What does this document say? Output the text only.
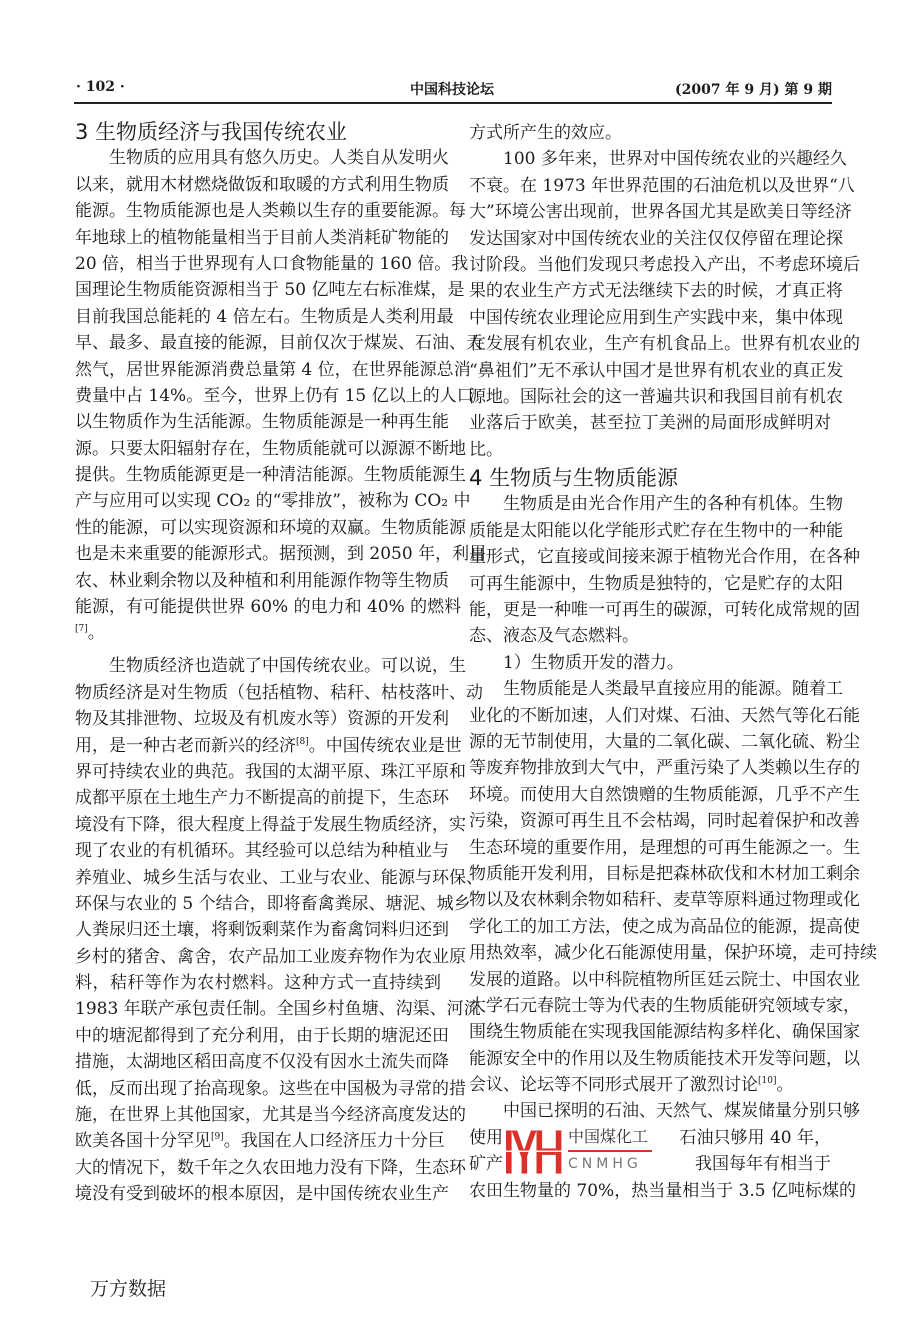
· 102 ·	中国科技论坛	(2007 年 9 月) 第 9 期
3 生物质经济与我国传统农业
生物质的应用具有悠久历史。人类自从发明火
以来，就用木材燃烧做饭和取暖的方式利用生物质
能源。生物质能源也是人类赖以生存的重要能源。每
年地球上的植物能量相当于目前人类消耗矿物能的
20 倍，相当于世界现有人口食物能量的 160 倍。我
国理论生物质能资源相当于 50 亿吨左右标准煤，是
目前我国总能耗的 4 倍左右。生物质是人类利用最
早、最多、最直接的能源，目前仅次于煤炭、石油、天
然气，居世界能源消费总量第 4 位，在世界能源总消
费量中占 14%。至今，世界上仍有 15 亿以上的人口
以生物质作为生活能源。生物质能源是一种再生能
源。只要太阳辐射存在，生物质能就可以源源不断地
提供。生物质能源更是一种清洁能源。生物质能源生
产与应用可以实现 CO₂ 的“零排放”，被称为 CO₂ 中
性的能源，可以实现资源和环境的双赢。生物质能源
也是未来重要的能源形式。据预测，到 2050 年，利用
农、林业剩余物以及种植和利用能源作物等生物质
能源，有可能提供世界 60% 的电力和 40% 的燃料
[7]。
生物质经济也造就了中国传统农业。可以说，生
物质经济是对生物质（包括植物、秸秆、枯枝落叶、动
物及其排泄物、垃圾及有机废水等）资源的开发利
用，是一种古老而新兴的经济[8]。中国传统农业是世
界可持续农业的典范。我国的太湖平原、珠江平原和
成都平原在土地生产力不断提高的前提下，生态环
境没有下降，很大程度上得益于发展生物质经济，实
现了农业的有机循环。其经验可以总结为种植业与
养殖业、城乡生活与农业、工业与农业、能源与环保、
环保与农业的 5 个结合，即将畜禽粪尿、塘泥、城乡
人粪尿归还土壤，将剩饭剩菜作为畜禽饲料归还到
乡村的猪舍、禽舍，农产品加工业废弃物作为农业原
料，秸秆等作为农村燃料。这种方式一直持续到
1983 年联产承包责任制。全国乡村鱼塘、沟渠、河流
中的塘泥都得到了充分利用，由于长期的塘泥还田
措施，太湖地区稻田高度不仅没有因水土流失而降
低，反而出现了抬高现象。这些在中国极为寻常的措
施，在世界上其他国家，尤其是当今经济高度发达的
欧美各国十分罕见[9]。我国在人口经济压力十分巨
大的情况下，数千年之久农田地力没有下降，生态环
境没有受到破坏的根本原因，是中国传统农业生产
方式所产生的效应。
100 多年来，世界对中国传统农业的兴趣经久
不衰。在 1973 年世界范围的石油危机以及世界“八
大”环境公害出现前，世界各国尤其是欧美日等经济
发达国家对中国传统农业的关注仅仅停留在理论探
讨阶段。当他们发现只考虑投入产出，不考虑环境后
果的农业生产方式无法继续下去的时候，才真正将
中国传统农业理论应用到生产实践中来，集中体现
在发展有机农业，生产有机食品上。世界有机农业的
“鼻祖们”无不承认中国才是世界有机农业的真正发
源地。国际社会的这一普遍共识和我国目前有机农
业落后于欧美，甚至拉丁美洲的局面形成鲜明对
比。
4 生物质与生物质能源
生物质是由光合作用产生的各种有机体。生物
质能是太阳能以化学能形式贮存在生物中的一种能
量形式，它直接或间接来源于植物光合作用，在各种
可再生能源中，生物质是独特的，它是贮存的太阳
能，更是一种唯一可再生的碳源，可转化成常规的固
态、液态及气态燃料。
1）生物质开发的潜力。
生物质能是人类最早直接应用的能源。随着工
业化的不断加速，人们对煤、石油、天然气等化石能
源的无节制使用，大量的二氧化碳、二氧化硫、粉尘
等废弃物排放到大气中，严重污染了人类赖以生存的
环境。而使用大自然馈赠的生物质能源，几乎不产生
污染，资源可再生且不会枯竭，同时起着保护和改善
生态环境的重要作用，是理想的可再生能源之一。生
物质能开发利用，目标是把森林砍伐和木材加工剩余
物以及农林剩余物如秸秆、麦草等原料通过物理或化
学化工的加工方法，使之成为高品位的能源，提高使
用热效率，减少化石能源使用量，保护环境，走可持续
发展的道路。以中科院植物所匡廷云院士、中国农业
大学石元春院士等为代表的生物质能研究领域专家，
围绕生物质能在实现我国能源结构多样化、确保国家
能源安全中的作用以及生物质能技术开发等问题，以
会议、论坛等不同形式展开了激烈讨论[10]。
中国已探明的石油、天然气、煤炭储量分别只够
使用	石油只够用 40 年，
矿产	我国每年有相当于
农田生物量的 70%，热当量相当于 3.5 亿吨标煤的
中国煤化工
CNMHG
万方数据
